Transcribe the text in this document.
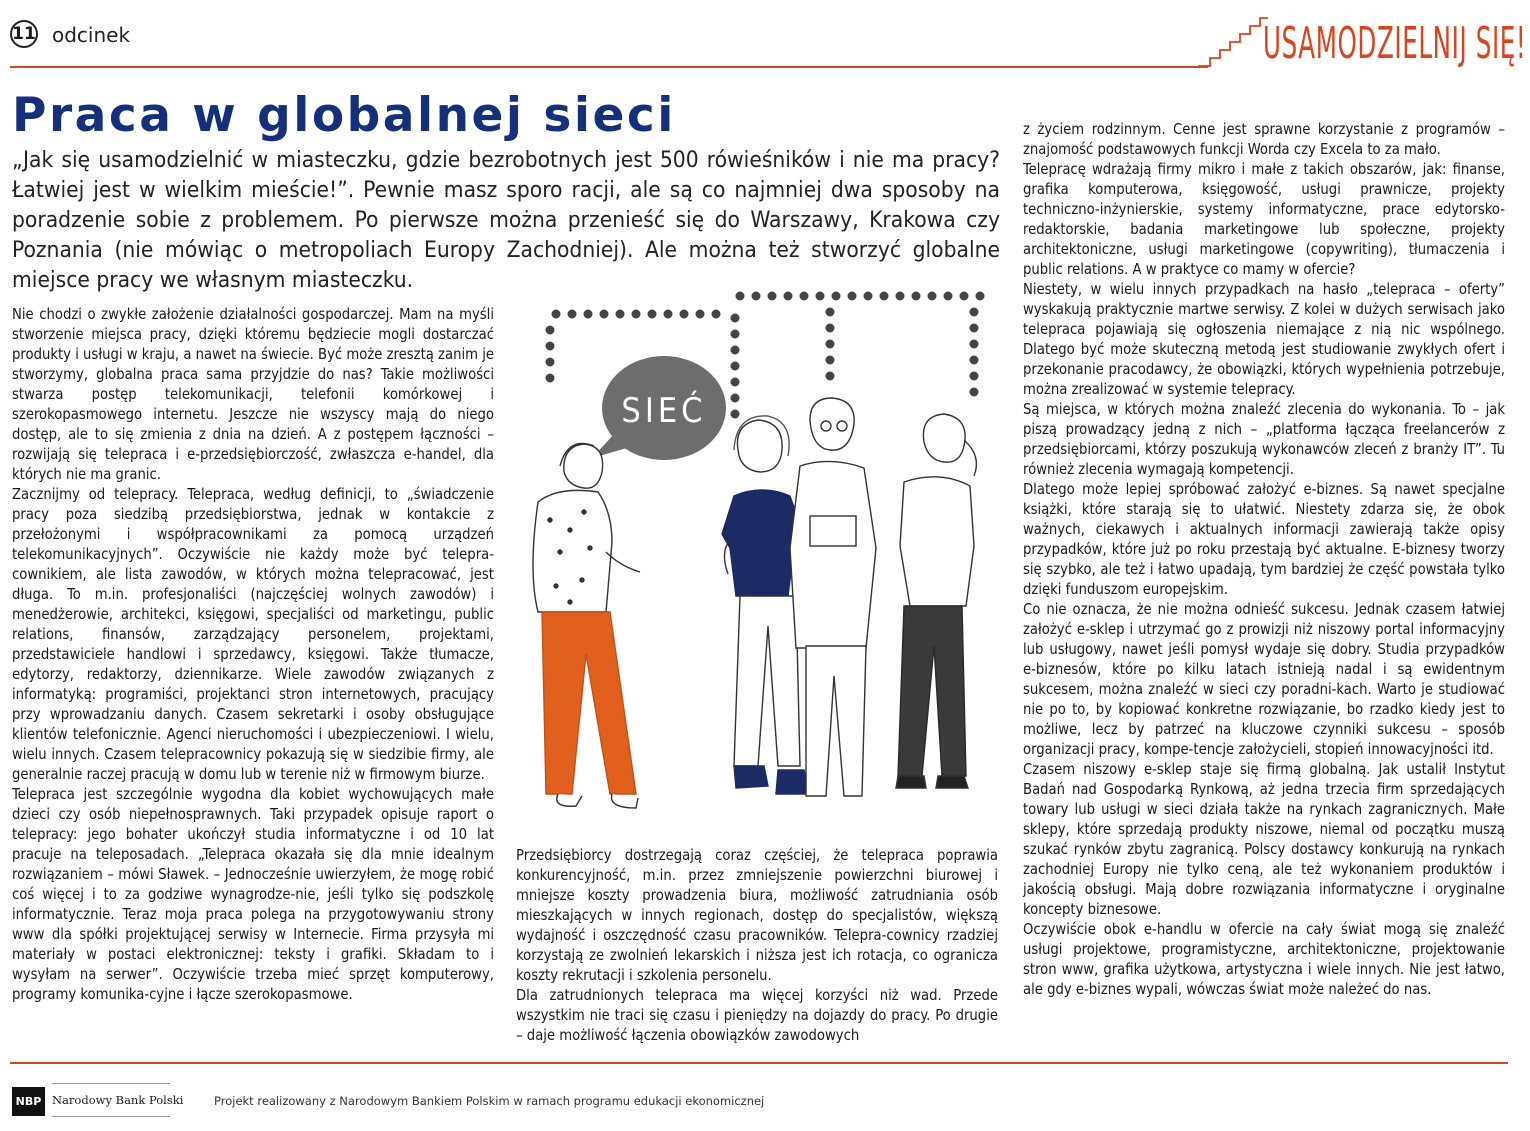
11 odcinek	USAMODZIELNIJ SIĘ!
Praca w globalnej sieci

„Jak się usamodzielnić w miasteczku, gdzie bezrobotnych jest 500 rówieśników i nie ma pracy? Łatwiej jest w wielkim mieście!”. Pewnie masz sporo racji, ale są co najmniej dwa sposoby na poradzenie sobie z problemem. Po pierwsze można przenieść się do Warszawy, Krakowa czy Poznania (nie mówiąc o metropoliach Europy Zachodniej). Ale można też stworzyć globalne miejsce pracy we własnym miasteczku.

Nie chodzi o zwykłe założenie działalności gospodarczej. Mam na myśli stworzenie miejsca pracy, dzięki któremu będziecie mogli dostarczać produkty i usługi w kraju, a nawet na świecie. Być może zresztą zanim je stworzymy, globalna praca sama przyjdzie do nas? Takie możliwości stwarza postęp telekomunikacji, telefonii komórkowej i szerokopasmowego internetu. Jeszcze nie wszyscy mają do niego dostęp, ale to się zmienia z dnia na dzień. A z postępem łączności – rozwijają się telepraca i e-przedsiębiorczość, zwłaszcza e-handel, dla których nie ma granic.

Zacznijmy od telepracy. Telepraca, według definicji, to „świadczenie pracy poza siedzibą przedsiębiorstwa, jednak w kontakcie z przełożonymi i współpracownikami za pomocą urządzeń telekomunikacyjnych”. Oczywiście nie każdy może być telepra-cownikiem, ale lista zawodów, w których można telepracować, jest długa. To m.in. profesjonaliści (najczęściej wolnych zawodów) i menedżerowie, architekci, księgowi, specjaliści od marketingu, public relations, finansów, zarządzający personelem, projektami, przedstawiciele handlowi i sprzedawcy, księgowi. Także tłumacze, edytorzy, redaktorzy, dziennikarze. Wiele zawodów związanych z informatyką: programiści, projektanci stron internetowych, pracujący przy wprowadzaniu danych. Czasem sekretarki i osoby obsługujące klientów telefonicznie. Agenci nieruchomości i ubezpieczeniowi. I wielu, wielu innych. Czasem telepracownicy pokazują się w siedzibie firmy, ale generalnie raczej pracują w domu lub w terenie niż w firmowym biurze.

Telepraca jest szczególnie wygodna dla kobiet wychowujących małe dzieci czy osób niepełnosprawnych. Taki przypadek opisuje raport o telepracy: jego bohater ukończył studia informatyczne i od 10 lat pracuje na teleposadach. „Telepraca okazała się dla mnie idealnym rozwiązaniem – mówi Sławek. – Jednocześnie uwierzyłem, że mogę robić coś więcej i to za godziwe wynagrodze-nie, jeśli tylko się podszkolę informatycznie. Teraz moja praca polega na przygotowywaniu strony www dla spółki projektującej serwisy w Internecie. Firma przysyła mi materiały w postaci elektronicznej: teksty i grafiki. Składam to i wysyłam na serwer”. Oczywiście trzeba mieć sprzęt komputerowy, programy komunika-cyjne i łącze szerokopasmowe.

SIEĆ

Przedsiębiorcy dostrzegają coraz częściej, że telepraca poprawia konkurencyjność, m.in. przez zmniejszenie powierzchni biurowej i mniejsze koszty prowadzenia biura, możliwość zatrudniania osób mieszkających w innych regionach, dostęp do specjalistów, większą wydajność i oszczędność czasu pracowników. Telepra-cownicy rzadziej korzystają ze zwolnień lekarskich i niższa jest ich rotacja, co ogranicza koszty rekrutacji i szkolenia personelu.

Dla zatrudnionych telepraca ma więcej korzyści niż wad. Przede wszystkim nie traci się czasu i pieniędzy na dojazdy do pracy. Po drugie – daje możliwość łączenia obowiązków zawodowych

z życiem rodzinnym. Cenne jest sprawne korzystanie z programów – znajomość podstawowych funkcji Worda czy Excela to za mało.

Telepracę wdrażają firmy mikro i małe z takich obszarów, jak: finanse, grafika komputerowa, księgowość, usługi prawnicze, projekty techniczno-inżynierskie, systemy informatyczne, prace edytorsko-redaktorskie, badania marketingowe lub społeczne, projekty architektoniczne, usługi marketingowe (copywriting), tłumaczenia i public relations. A w praktyce co mamy w ofercie?

Niestety, w wielu innych przypadkach na hasło „telepraca – oferty” wyskakują praktycznie martwe serwisy. Z kolei w dużych serwisach jako telepraca pojawiają się ogłoszenia niemające z nią nic wspólnego. Dlatego być może skuteczną metodą jest studiowanie zwykłych ofert i przekonanie pracodawcy, że obowiązki, których wypełnienia potrzebuje, można zrealizować w systemie telepracy.

Są miejsca, w których można znaleźć zlecenia do wykonania. To – jak piszą prowadzący jedną z nich – „platforma łącząca freelancerów z przedsiębiorcami, którzy poszukują wykonawców zleceń z branży IT”. Tu również zlecenia wymagają kompetencji.

Dlatego może lepiej spróbować założyć e-biznes. Są nawet specjalne książki, które starają się to ułatwić. Niestety zdarza się, że obok ważnych, ciekawych i aktualnych informacji zawierają także opisy przypadków, które już po roku przestają być aktualne. E-biznesy tworzy się szybko, ale też i łatwo upadają, tym bardziej że część powstała tylko dzięki funduszom europejskim.

Co nie oznacza, że nie można odnieść sukcesu. Jednak czasem łatwiej założyć e-sklep i utrzymać go z prowizji niż niszowy portal informacyjny lub usługowy, nawet jeśli pomysł wydaje się dobry. Studia przypadków e-biznesów, które po kilku latach istnieją nadal i są ewidentnym sukcesem, można znaleźć w sieci czy poradni-kach. Warto je studiować nie po to, by kopiować konkretne rozwiązanie, bo rzadko kiedy jest to możliwe, lecz by patrzeć na kluczowe czynniki sukcesu – sposób organizacji pracy, kompe-tencje założycieli, stopień innowacyjności itd.

Czasem niszowy e-sklep staje się firmą globalną. Jak ustalił Instytut Badań nad Gospodarką Rynkową, aż jedna trzecia firm sprzedających towary lub usługi w sieci działa także na rynkach zagranicznych. Małe sklepy, które sprzedają produkty niszowe, niemal od początku muszą szukać rynków zbytu zagranicą. Polscy dostawcy konkurują na rynkach zachodniej Europy nie tylko ceną, ale też wykonaniem produktów i jakością obsługi. Mają dobre rozwiązania informatyczne i oryginalne koncepty biznesowe.

Oczywiście obok e-handlu w ofercie na cały świat mogą się znaleźć usługi projektowe, programistyczne, architektoniczne, projektowanie stron www, grafika użytkowa, artystyczna i wiele innych. Nie jest łatwo, ale gdy e-biznes wypali, wówczas świat może należeć do nas.

NBP Narodowy Bank Polski	Projekt realizowany z Narodowym Bankiem Polskim w ramach programu edukacji ekonomicznej
